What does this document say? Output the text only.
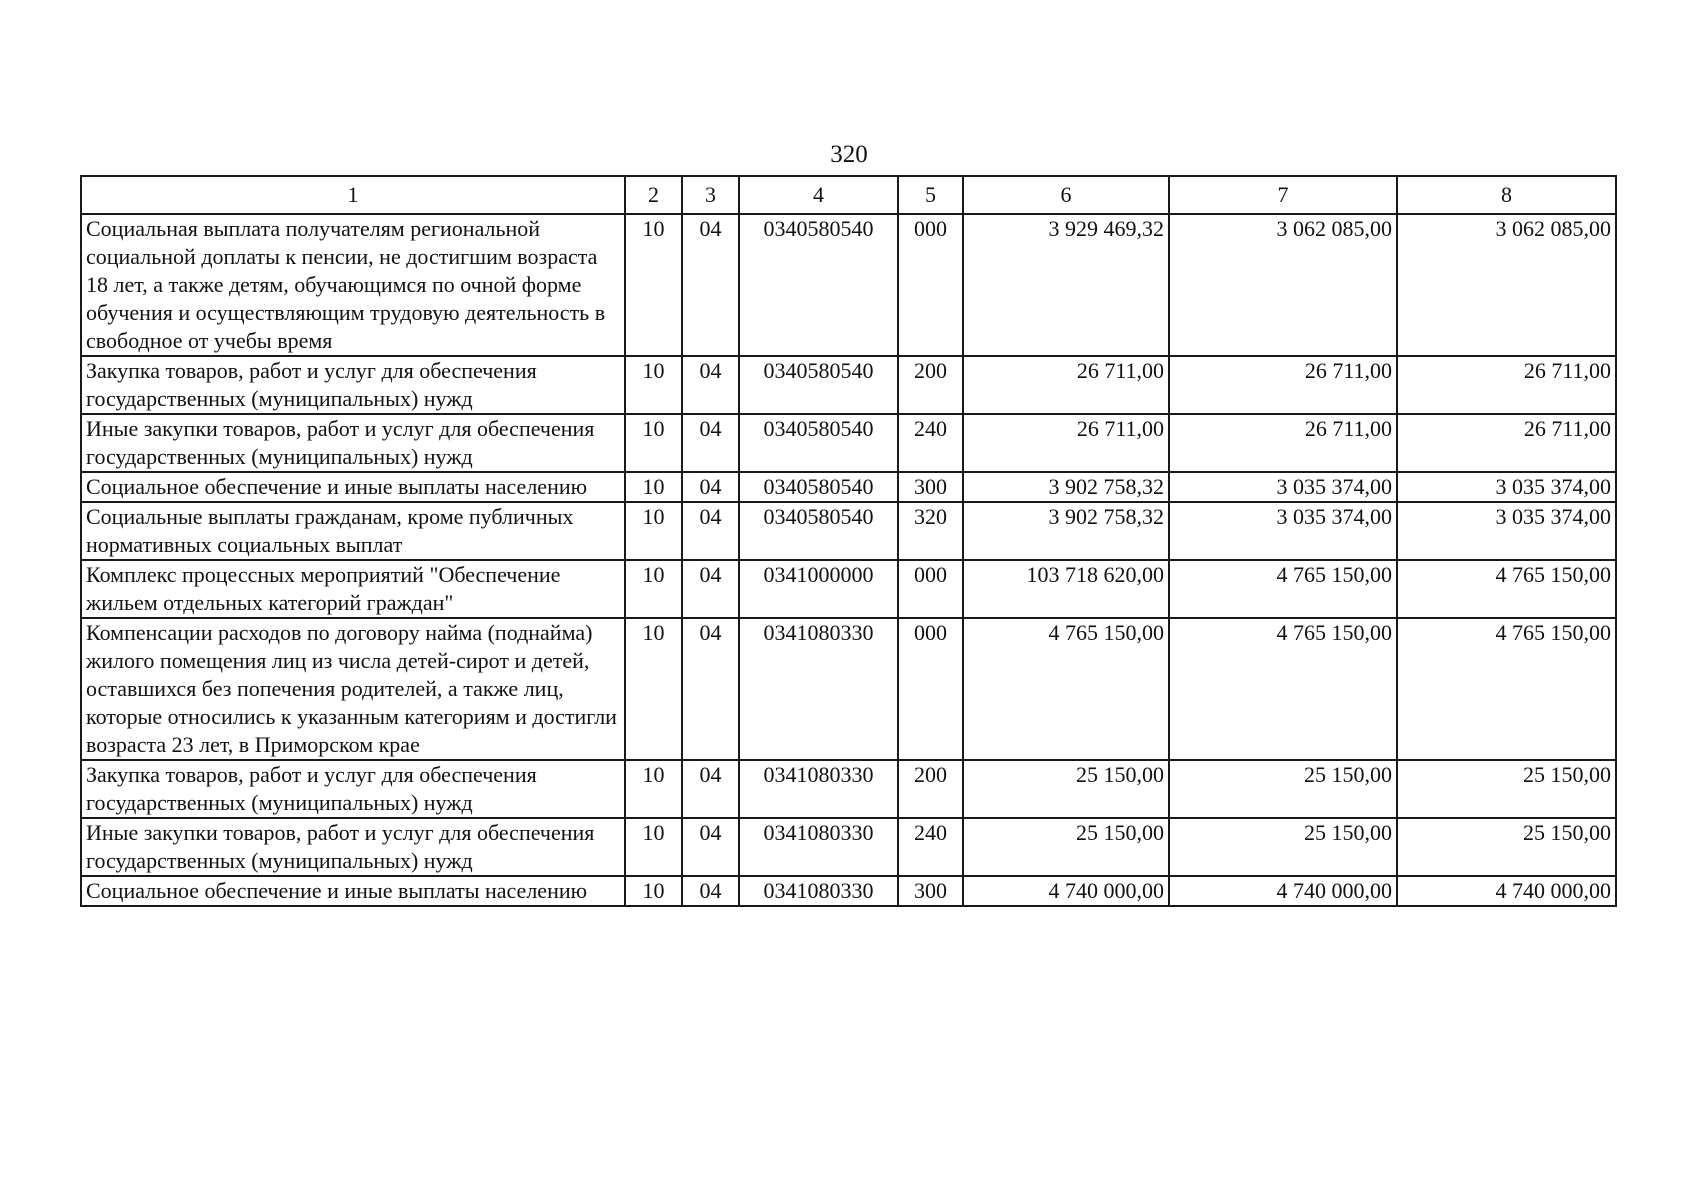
320
1	2	3	4	5	6	7	8
Социальная выплата получателям региональной социальной доплаты к пенсии, не достигшим возраста 18 лет, а также детям, обучающимся по очной форме обучения и осуществляющим трудовую деятельность в свободное от учебы время	10	04	0340580540	000	3 929 469,32	3 062 085,00	3 062 085,00
Закупка товаров, работ и услуг для обеспечения государственных (муниципальных) нужд	10	04	0340580540	200	26 711,00	26 711,00	26 711,00
Иные закупки товаров, работ и услуг для обеспечения государственных (муниципальных) нужд	10	04	0340580540	240	26 711,00	26 711,00	26 711,00
Социальное обеспечение и иные выплаты населению	10	04	0340580540	300	3 902 758,32	3 035 374,00	3 035 374,00
Социальные выплаты гражданам, кроме публичных нормативных социальных выплат	10	04	0340580540	320	3 902 758,32	3 035 374,00	3 035 374,00
Комплекс процессных мероприятий "Обеспечение жильем отдельных категорий граждан"	10	04	0341000000	000	103 718 620,00	4 765 150,00	4 765 150,00
Компенсации расходов по договору найма (поднайма) жилого помещения лиц из числа детей-сирот и детей, оставшихся без попечения родителей, а также лиц, которые относились к указанным категориям и достигли возраста 23 лет, в Приморском крае	10	04	0341080330	000	4 765 150,00	4 765 150,00	4 765 150,00
Закупка товаров, работ и услуг для обеспечения государственных (муниципальных) нужд	10	04	0341080330	200	25 150,00	25 150,00	25 150,00
Иные закупки товаров, работ и услуг для обеспечения государственных (муниципальных) нужд	10	04	0341080330	240	25 150,00	25 150,00	25 150,00
Социальное обеспечение и иные выплаты населению	10	04	0341080330	300	4 740 000,00	4 740 000,00	4 740 000,00
